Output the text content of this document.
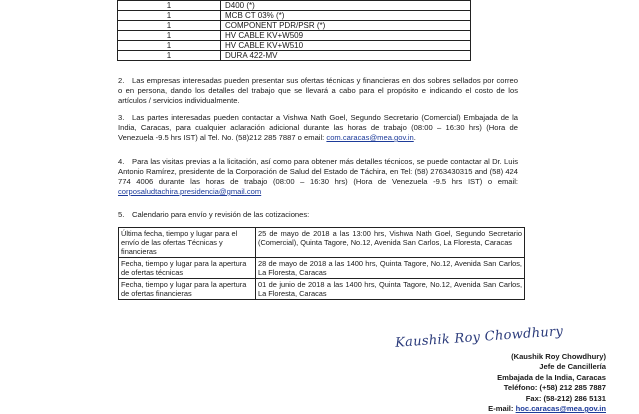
1	D400 (*)
1	MCB CT 03% (*)
1	COMPONENT PDR/PSR (*)
1	HV CABLE KV+W509
1	HV CABLE KV+W510
1	DURA 422-MV
2.	Las empresas interesadas pueden presentar sus ofertas técnicas y financieras en dos sobres sellados por correo o en persona, dando los detalles del trabajo que se llevará a cabo para el propósito e indicando el costo de los artículos / servicios individualmente.
3.	Las partes interesadas pueden contactar a Vishwa Nath Goel, Segundo Secretario (Comercial) Embajada de la India, Caracas, para cualquier aclaración adicional durante las horas de trabajo (08:00 – 16:30 hrs) (Hora de Venezuela -9.5 hrs IST) al Tel. No. (58)212 285 7887 o email: com.caracas@mea.gov.in.
4.	Para las visitas previas a la licitación, así como para obtener más detalles técnicos, se puede contactar al Dr. Luis Antonio Ramírez, presidente de la Corporación de Salud del Estado de Táchira, en Tel: (58) 2763430315 and (58) 424 774 4006 durante las horas de trabajo (08:00 – 16:30 hrs) (Hora de Venezuela -9.5 hrs IST) o email: corposaludtachira.presidencia@gmail.com
5. Calendario para envío y revisión de las cotizaciones:
Última fecha, tiempo y lugar para el envío de las ofertas Técnicas y financieras	25 de mayo de 2018 a las 13:00 hrs, Vishwa Nath Goel, Segundo Secretario (Comercial), Quinta Tagore, No.12, Avenida San Carlos, La Floresta, Caracas
Fecha, tiempo y lugar para la apertura de ofertas técnicas	28 de mayo de 2018 a las 1400 hrs, Quinta Tagore, No.12, Avenida San Carlos, La Floresta, Caracas
Fecha, tiempo y lugar para la apertura de ofertas financieras	01 de junio de 2018 a las 1400 hrs, Quinta Tagore, No.12, Avenida San Carlos, La Floresta, Caracas
Kaushik Roy Chowdhury
(Kaushik Roy Chowdhury)
Jefe de Cancillería
Embajada de la India, Caracas
Teléfono: (+58) 212 285 7887
Fax: (58-212) 286 5131
E-mail: hoc.caracas@mea.gov.in
